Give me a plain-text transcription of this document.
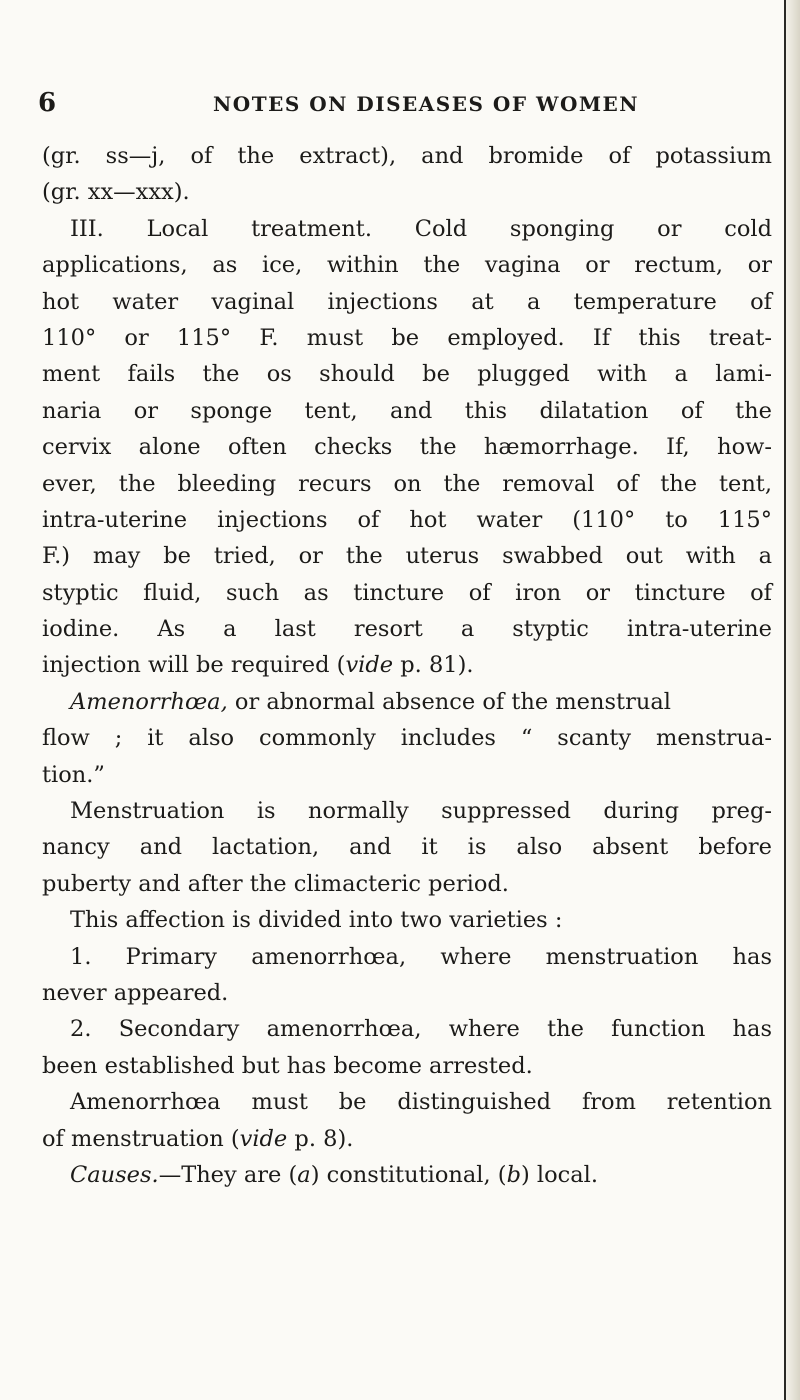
6	NOTES ON DISEASES OF WOMEN
(gr. ss—j, of the extract), and bromide of potassium
(gr. xx—xxx).
III. Local treatment. Cold sponging or cold
applications, as ice, within the vagina or rectum, or
hot water vaginal injections at a temperature of
110° or 115° F. must be employed. If this treat-
ment fails the os should be plugged with a lami-
naria or sponge tent, and this dilatation of the
cervix alone often checks the hæmorrhage. If, how-
ever, the bleeding recurs on the removal of the tent,
intra-uterine injections of hot water (110° to 115°
F.) may be tried, or the uterus swabbed out with a
styptic fluid, such as tincture of iron or tincture of
iodine. As a last resort a styptic intra-uterine
injection will be required (vide p. 81).
Amenorrhœa, or abnormal absence of the menstrual
flow ; it also commonly includes “ scanty menstrua-
tion.”
Menstruation is normally suppressed during preg-
nancy and lactation, and it is also absent before
puberty and after the climacteric period.
This affection is divided into two varieties :
1. Primary amenorrhœa, where menstruation has
never appeared.
2. Secondary amenorrhœa, where the function has
been established but has become arrested.
Amenorrhœa must be distinguished from retention
of menstruation (vide p. 8).
Causes.—They are (a) constitutional, (b) local.
